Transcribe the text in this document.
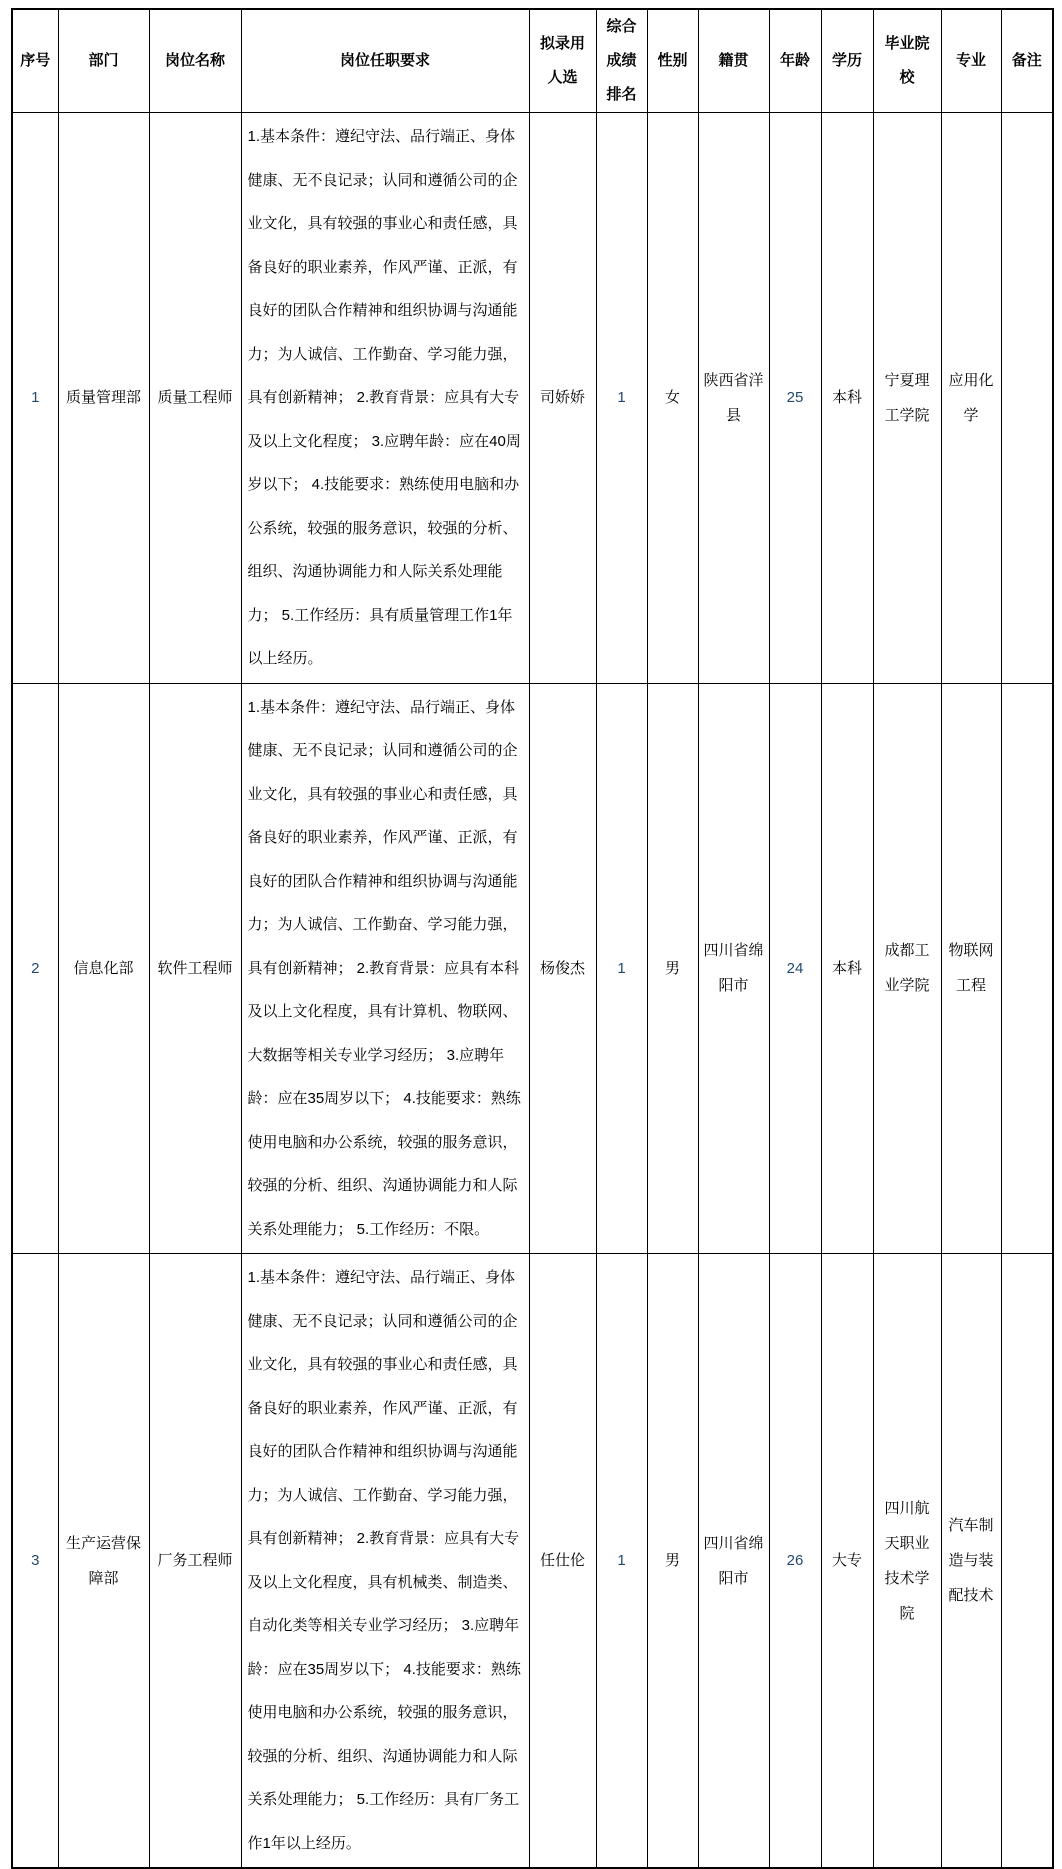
序号	部门	岗位名称	岗位任职要求	拟录用人选	综合成绩排名	性别	籍贯	年龄	学历	毕业院校	专业	备注
1	质量管理部	质量工程师	1.基本条件：遵纪守法、品行端正、身体健康、无不良记录；认同和遵循公司的企业文化，具有较强的事业心和责任感，具备良好的职业素养，作风严谨、正派，有良好的团队合作精神和组织协调与沟通能力；为人诚信、工作勤奋、学习能力强，具有创新精神； 2.教育背景：应具有大专及以上文化程度； 3.应聘年龄：应在40周岁以下； 4.技能要求：熟练使用电脑和办公系统，较强的服务意识，较强的分析、组织、沟通协调能力和人际关系处理能力； 5.工作经历：具有质量管理工作1年以上经历。	司娇娇	1	女	陕西省洋县	25	本科	宁夏理工学院	应用化学	
2	信息化部	软件工程师	1.基本条件：遵纪守法、品行端正、身体健康、无不良记录；认同和遵循公司的企业文化，具有较强的事业心和责任感，具备良好的职业素养，作风严谨、正派，有良好的团队合作精神和组织协调与沟通能力；为人诚信、工作勤奋、学习能力强，具有创新精神； 2.教育背景：应具有本科及以上文化程度，具有计算机、物联网、大数据等相关专业学习经历； 3.应聘年龄：应在35周岁以下； 4.技能要求：熟练使用电脑和办公系统，较强的服务意识，较强的分析、组织、沟通协调能力和人际关系处理能力； 5.工作经历：不限。	杨俊杰	1	男	四川省绵阳市	24	本科	成都工业学院	物联网工程	
3	生产运营保障部	厂务工程师	1.基本条件：遵纪守法、品行端正、身体健康、无不良记录；认同和遵循公司的企业文化，具有较强的事业心和责任感，具备良好的职业素养，作风严谨、正派，有良好的团队合作精神和组织协调与沟通能力；为人诚信、工作勤奋、学习能力强，具有创新精神； 2.教育背景：应具有大专及以上文化程度，具有机械类、制造类、自动化类等相关专业学习经历； 3.应聘年龄：应在35周岁以下； 4.技能要求：熟练使用电脑和办公系统，较强的服务意识，较强的分析、组织、沟通协调能力和人际关系处理能力； 5.工作经历：具有厂务工作1年以上经历。	任仕伦	1	男	四川省绵阳市	26	大专	四川航天职业技术学院	汽车制造与装配技术	
